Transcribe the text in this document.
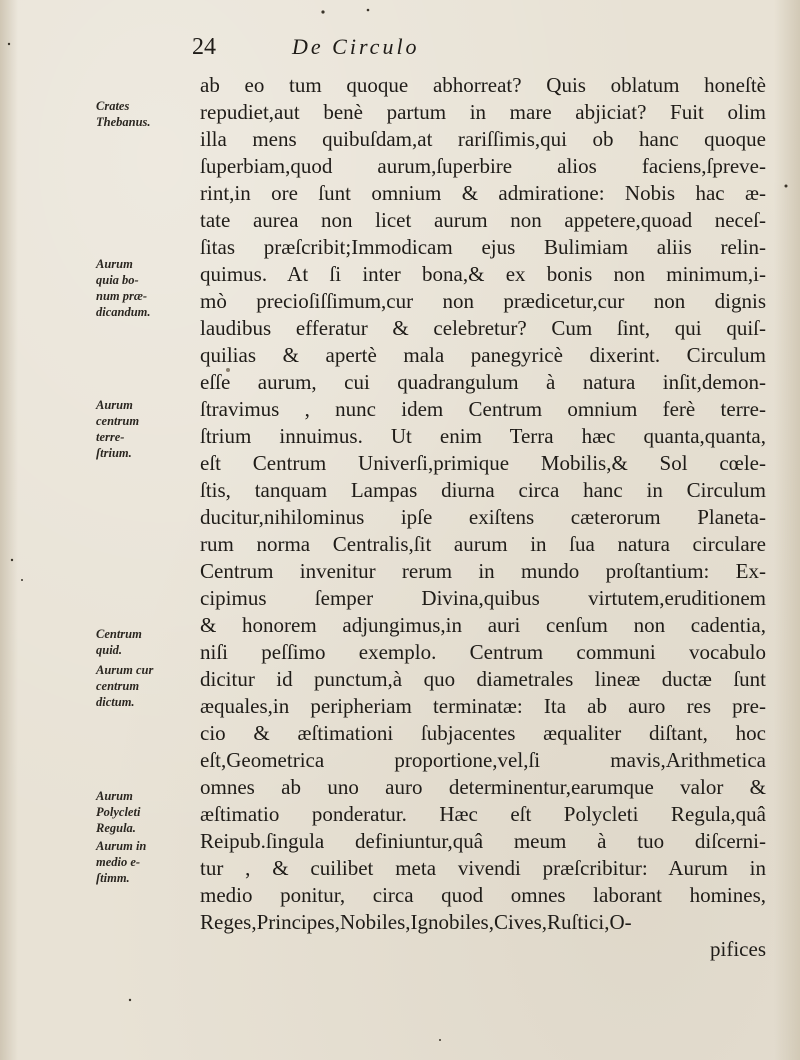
24	De Circulo
ab eo tum quoque abhorreat? Quis oblatum honeſtè
repudiet,aut benè partum in mare abjiciat? Fuit olim
illa mens quibuſdam,at rariſſimis,qui ob hanc quoque
ſuperbiam,quod aurum,ſuperbire alios faciens,ſpreve-
rint,in ore ſunt omnium & admiratione: Nobis hac æ-
tate aurea non licet aurum non appetere,quoad neceſ-
ſitas præſcribit;Immodicam ejus Bulimiam aliis relin-
quimus. At ſi inter bona,& ex bonis non minimum,i-
mò precioſiſſimum,cur non prædicetur,cur non dignis
laudibus efferatur & celebretur? Cum ſint, qui quiſ-
quilias & apertè mala panegyricè dixerint. Circulum
eſſe aurum, cui quadrangulum à natura inſit,demon-
ſtravimus , nunc idem Centrum omnium ferè terre-
ſtrium innuimus. Ut enim Terra hæc quanta,quanta,
eſt Centrum Univerſi,primique Mobilis,& Sol cœle-
ſtis, tanquam Lampas diurna circa hanc in Circulum
ducitur,nihilominus ipſe exiſtens cæterorum Planeta-
rum norma Centralis,ſit aurum in ſua natura circulare
Centrum invenitur rerum in mundo proſtantium: Ex-
cipimus ſemper Divina,quibus virtutem,eruditionem
& honorem adjungimus,in auri cenſum non cadentia,
niſi peſſimo exemplo. Centrum communi vocabulo
dicitur id punctum,à quo diametrales lineæ ductæ ſunt
æquales,in peripheriam terminatæ: Ita ab auro res pre-
cio & æſtimationi ſubjacentes æqualiter diſtant, hoc
eſt,Geometrica proportione,vel,ſi mavis,Arithmetica
omnes ab uno auro determinentur,earumque valor &
æſtimatio ponderatur. Hæc eſt Polycleti Regula,quâ
Reipub.ſingula definiuntur,quâ meum à tuo diſcerni-
tur , & cuilibet meta vivendi præſcribitur: Aurum in
medio ponitur, circa quod omnes laborant homines,
Reges,Principes,Nobiles,Ignobiles,Cives,Ruſtici,O-
pifices
Crates
Thebanus.
Aurum
quia bo-
num præ-
dicandum.
Aurum
centrum
terre-
ſtrium.
Centrum
quid.
Aurum cur
centrum
dictum.
Aurum
Polycleti
Regula.
Aurum in
medio e-
ſtimm.
